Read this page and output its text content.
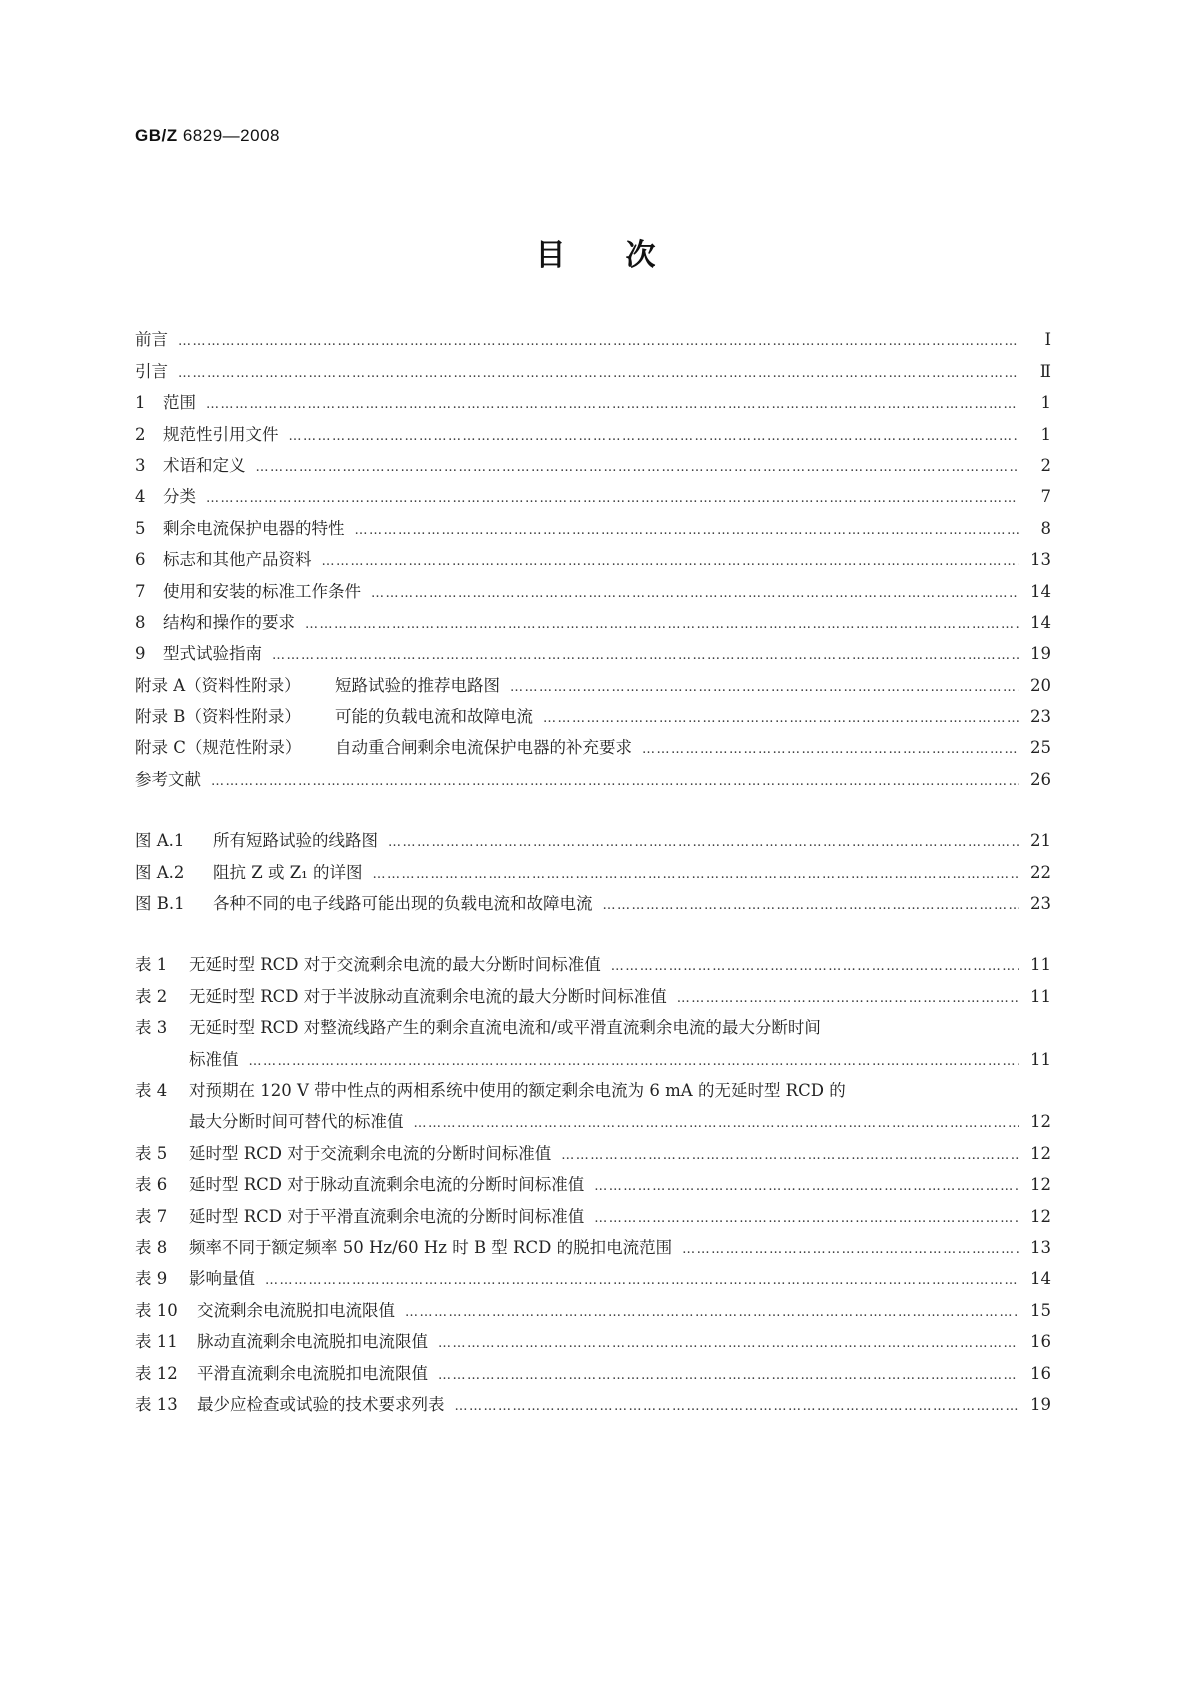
GB/Z 6829—2008
目次
前言 …………………………………………………………………………………………………………………………………………………………………………	Ⅰ
引言 …………………………………………………………………………………………………………………………………………………………………………	Ⅱ
1 范围 …………………………………………………………………………………………………………………………………………………………………………	1
2 规范性引用文件 …………………………………………………………………………………………………………………………………………………………………………	1
3 术语和定义 …………………………………………………………………………………………………………………………………………………………………………	2
4 分类 …………………………………………………………………………………………………………………………………………………………………………	7
5 剩余电流保护电器的特性 …………………………………………………………………………………………………………………………………………………………………………	8
6 标志和其他产品资料 …………………………………………………………………………………………………………………………………………………………………………	13
7 使用和安装的标准工作条件 …………………………………………………………………………………………………………………………………………………………………………	14
8 结构和操作的要求 …………………………………………………………………………………………………………………………………………………………………………	14
9 型式试验指南 …………………………………………………………………………………………………………………………………………………………………………	19
附录 A（资料性附录） 短路试验的推荐电路图 …………………………………………………………………………………………………………………………………………………………………………	20
附录 B（资料性附录） 可能的负载电流和故障电流 …………………………………………………………………………………………………………………………………………………………………………	23
附录 C（规范性附录） 自动重合闸剩余电流保护电器的补充要求 …………………………………………………………………………………………………………………………………………………………………………	25
参考文献 …………………………………………………………………………………………………………………………………………………………………………	26
图 A.1 所有短路试验的线路图 …………………………………………………………………………………………………………………………………………………………………………	21
图 A.2 阻抗 Z 或 Z₁ 的详图 …………………………………………………………………………………………………………………………………………………………………………	22
图 B.1 各种不同的电子线路可能出现的负载电流和故障电流 …………………………………………………………………………………………………………………………………………………………………………	23
表 1 无延时型 RCD 对于交流剩余电流的最大分断时间标准值 …………………………………………………………………………………………………………………………………………………………………………	11
表 2 无延时型 RCD 对于半波脉动直流剩余电流的最大分断时间标准值 …………………………………………………………………………………………………………………………………………………………………………	11
表 3 无延时型 RCD 对整流线路产生的剩余直流电流和/或平滑直流剩余电流的最大分断时间
标准值 …………………………………………………………………………………………………………………………………………………………………………	11
表 4 对预期在 120 V 带中性点的两相系统中使用的额定剩余电流为 6 mA 的无延时型 RCD 的
最大分断时间可替代的标准值 …………………………………………………………………………………………………………………………………………………………………………	12
表 5 延时型 RCD 对于交流剩余电流的分断时间标准值 …………………………………………………………………………………………………………………………………………………………………………	12
表 6 延时型 RCD 对于脉动直流剩余电流的分断时间标准值 …………………………………………………………………………………………………………………………………………………………………………	12
表 7 延时型 RCD 对于平滑直流剩余电流的分断时间标准值 …………………………………………………………………………………………………………………………………………………………………………	12
表 8 频率不同于额定频率 50 Hz/60 Hz 时 B 型 RCD 的脱扣电流范围 …………………………………………………………………………………………………………………………………………………………………………	13
表 9 影响量值 …………………………………………………………………………………………………………………………………………………………………………	14
表 10 交流剩余电流脱扣电流限值 …………………………………………………………………………………………………………………………………………………………………………	15
表 11 脉动直流剩余电流脱扣电流限值 …………………………………………………………………………………………………………………………………………………………………………	16
表 12 平滑直流剩余电流脱扣电流限值 …………………………………………………………………………………………………………………………………………………………………………	16
表 13 最少应检查或试验的技术要求列表 …………………………………………………………………………………………………………………………………………………………………………	19
